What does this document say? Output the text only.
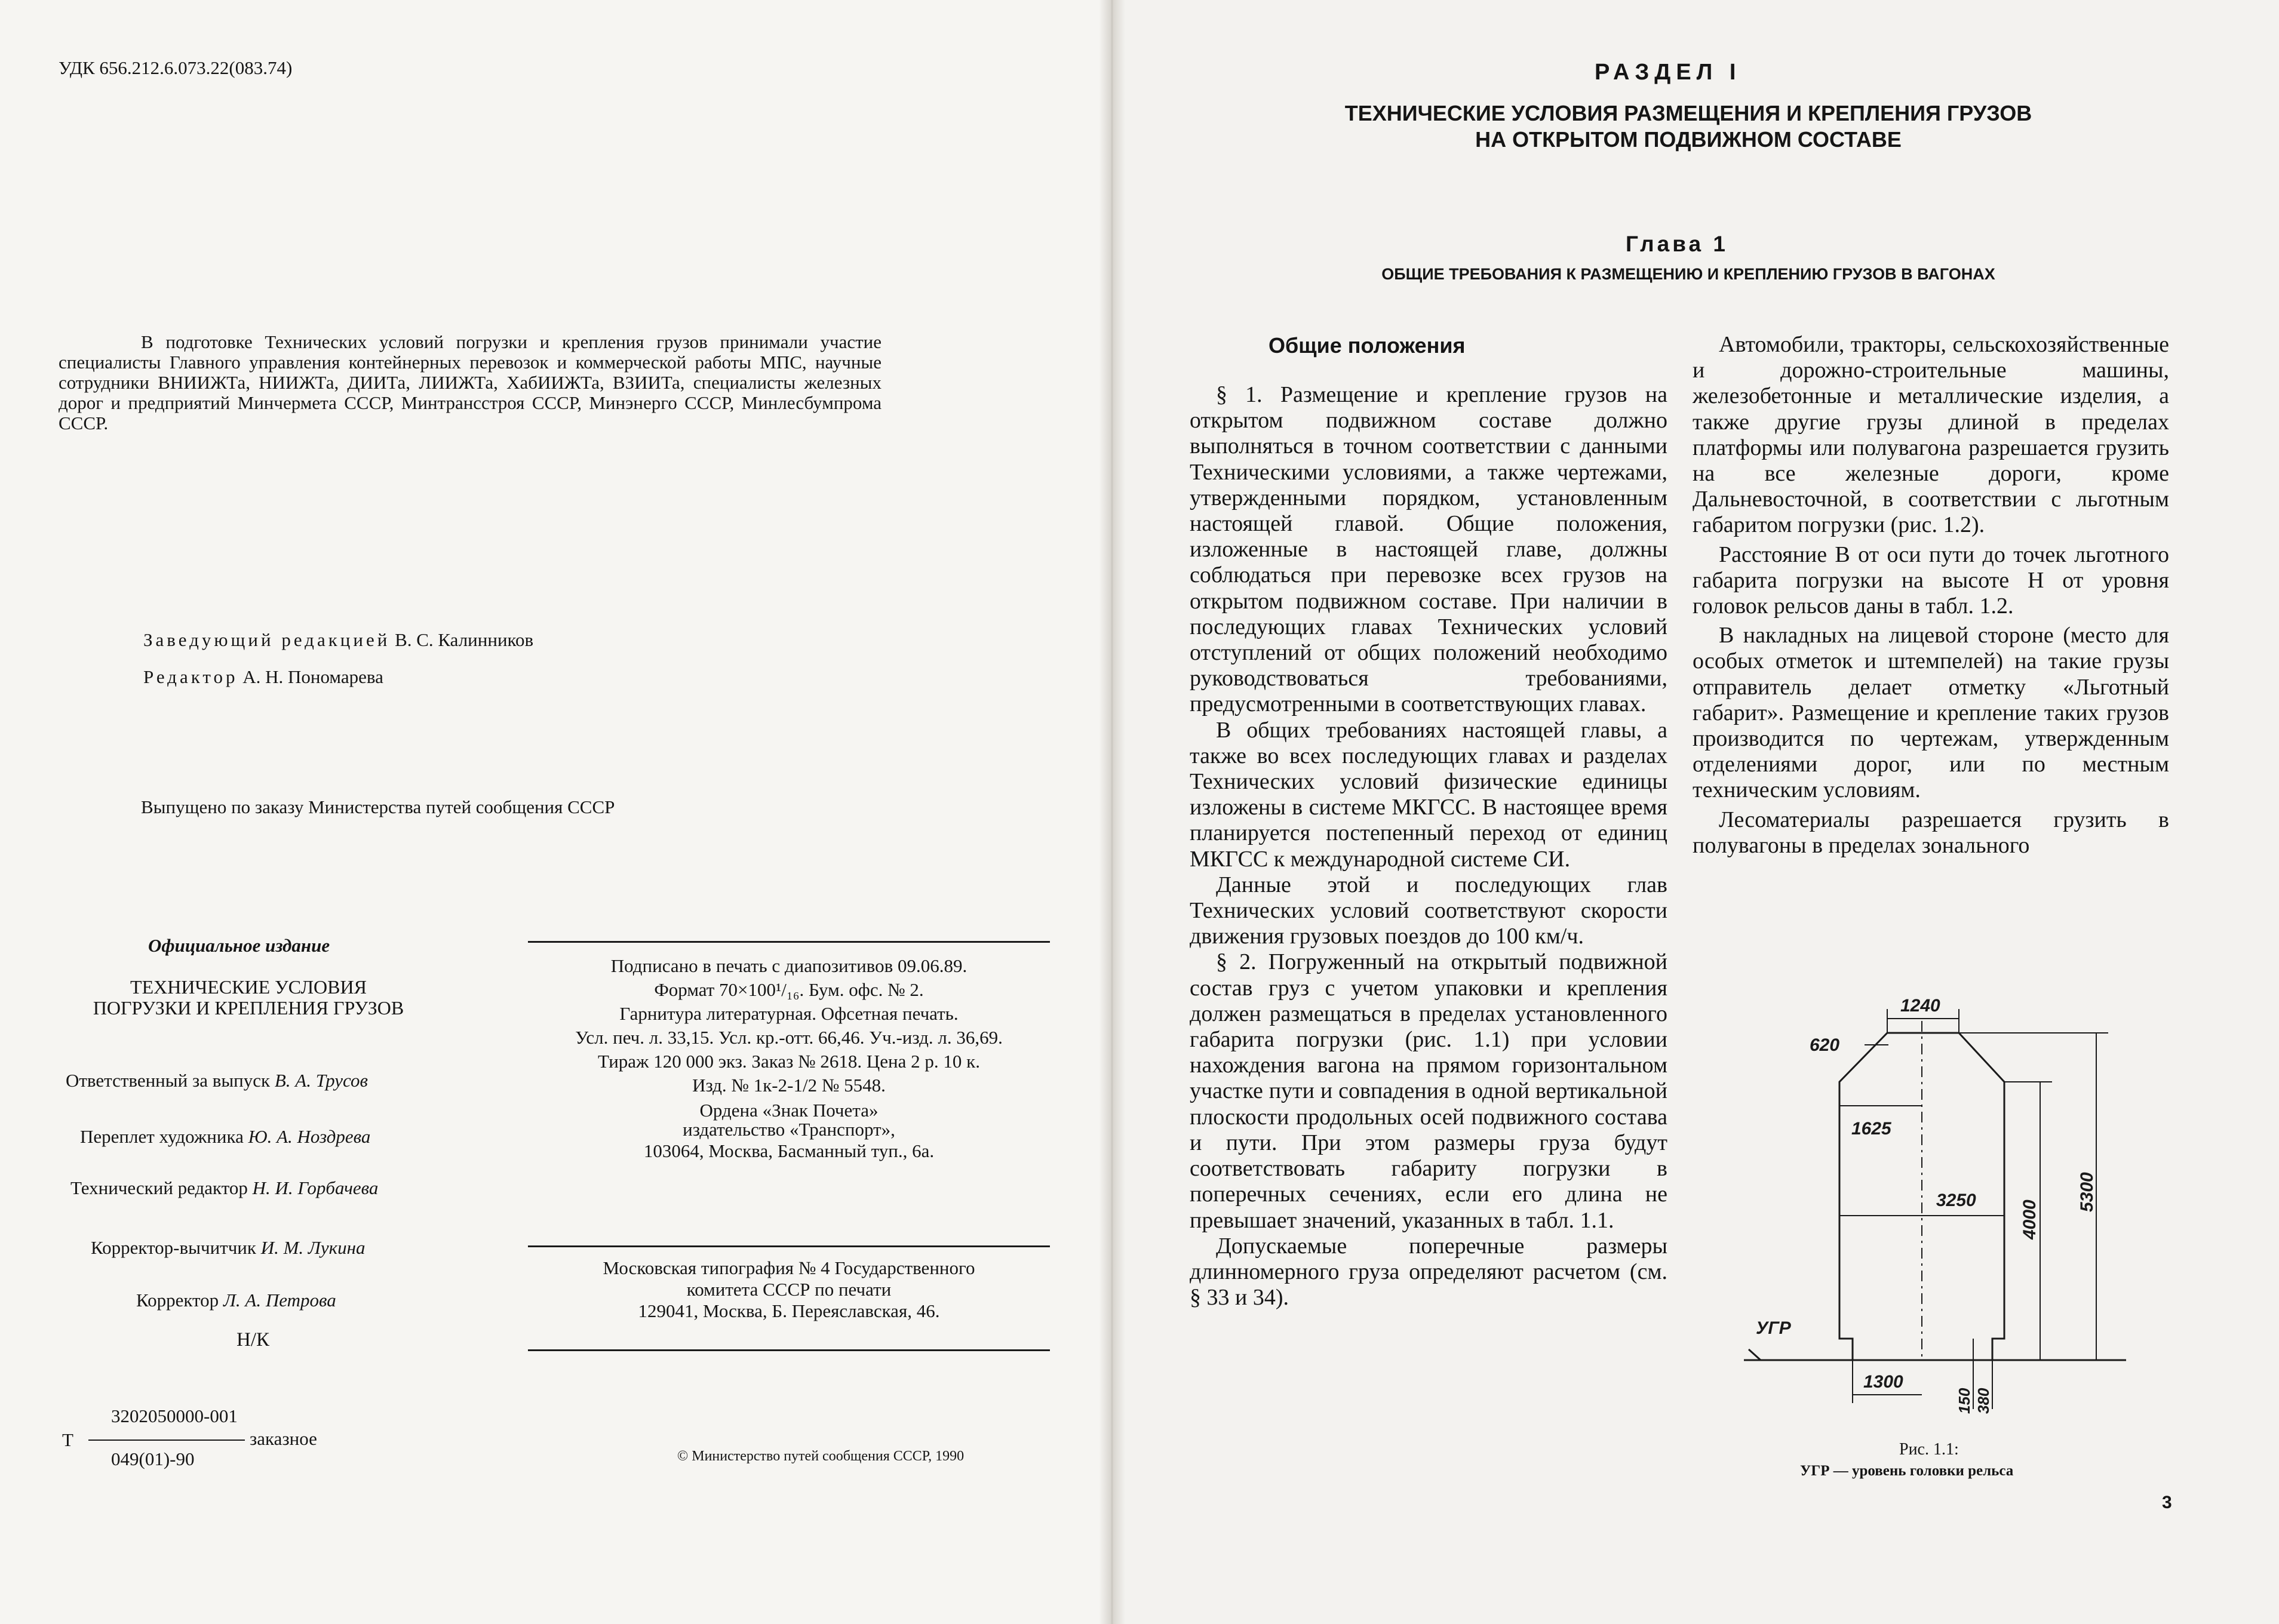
УДК 656.212.6.073.22(083.74)
В подготовке Технических условий погрузки и крепления грузов принимали участие специалисты Главного управления контейнерных перевозок и коммерческой работы МПС, научные сотрудники ВНИИЖТа, НИИЖТа, ДИИТа, ЛИИЖТа, ХабИИЖТа, ВЗИИТа, специалисты железных дорог и предприятий Минчермета СССР, Минтрансстроя СССР, Минэнерго СССР, Минлесбумпрома СССР.
Заведующий редакцией В. С. Калинников
Редактор А. Н. Пономарева
Выпущено по заказу Министерства путей сообщения СССР
Официальное издание
ТЕХНИЧЕСКИЕ УСЛОВИЯ ПОГРУЗКИ И КРЕПЛЕНИЯ ГРУЗОВ
Ответственный за выпуск В. А. Трусов
Переплет художника Ю. А. Ноздрева
Технический редактор Н. И. Горбачева
Корректор-вычитчик И. М. Лукина
Корректор Л. А. Петрова
Н/К
Т
3202050000-001
049(01)-90
заказное
Подписано в печать с диапозитивов 09.06.89.
Формат 70×100¹/₁₆. Бум. офс. № 2.
Гарнитура литературная. Офсетная печать.
Усл. печ. л. 33,15. Усл. кр.-отт. 66,46. Уч.-изд. л. 36,69.
Тираж 120 000 экз. Заказ № 2618. Цена 2 р. 10 к.
Изд. № 1к-2-1/2 № 5548.
Ордена «Знак Почета»
издательство «Транспорт»,
103064, Москва, Басманный туп., 6а.
Московская типография № 4 Государственного
комитета СССР по печати
129041, Москва, Б. Переяславская, 46.
© Министерство путей сообщения СССР, 1990
РАЗДЕЛ I
ТЕХНИЧЕСКИЕ УСЛОВИЯ РАЗМЕЩЕНИЯ И КРЕПЛЕНИЯ ГРУЗОВ
НА ОТКРЫТОМ ПОДВИЖНОМ СОСТАВЕ
Глава 1
ОБЩИЕ ТРЕБОВАНИЯ К РАЗМЕЩЕНИЮ И КРЕПЛЕНИЮ ГРУЗОВ В ВАГОНАХ
Общие положения

§ 1. Размещение и крепление грузов на открытом подвижном составе должно выполняться в точном соответствии с данными Техническими условиями, а также чертежами, утвержденными порядком, установленным настоящей главой. Общие положения, изложенные в настоящей главе, должны соблюдаться при перевозке всех грузов на открытом подвижном составе. При наличии в последующих главах Технических условий отступлений от общих положений необходимо руководствоваться требованиями, предусмотренными в соответствующих главах.

В общих требованиях настоящей главы, а также во всех последующих главах и разделах Технических условий физические единицы изложены в системе МКГСС. В настоящее время планируется постепенный переход от единиц МКГСС к международной системе СИ.

Данные этой и последующих глав Технических условий соответствуют скорости движения грузовых поездов до 100 км/ч.

§ 2. Погруженный на открытый подвижной состав груз с учетом упаковки и крепления должен размещаться в пределах установленного габарита погрузки (рис. 1.1) при условии нахождения вагона на прямом горизонтальном участке пути и совпадения в одной вертикальной плоскости продольных осей подвижного состава и пути. При этом размеры груза будут соответствовать габариту погрузки в поперечных сечениях, если его длина не превышает значений, указанных в табл. 1.1.

Допускаемые поперечные размеры длинномерного груза определяют расчетом (см. § 33 и 34).

Автомобили, тракторы, сельскохозяйственные и дорожно-строительные машины, железобетонные и металлические изделия, а также другие грузы длиной в пределах платформы или полувагона разрешается грузить на все железные дороги, кроме Дальневосточной, в соответствии с льготным габаритом погрузки (рис. 1.2).

Расстояние В от оси пути до точек льготного габарита погрузки на высоте Н от уровня головок рельсов даны в табл. 1.2.

В накладных на лицевой стороне (место для особых отметок и штемпелей) на такие грузы отправитель делает отметку «Льготный габарит». Размещение и крепление таких грузов производится по чертежам, утвержденным отделениями дорог, или по местным техническим условиям.

Лесоматериалы разрешается грузить в полувагоны в пределах зонального

1240
620
1625
3250
УГР
1300
4000
5300
150 380
Рис. 1.1:
УГР — уровень головки рельса
3
